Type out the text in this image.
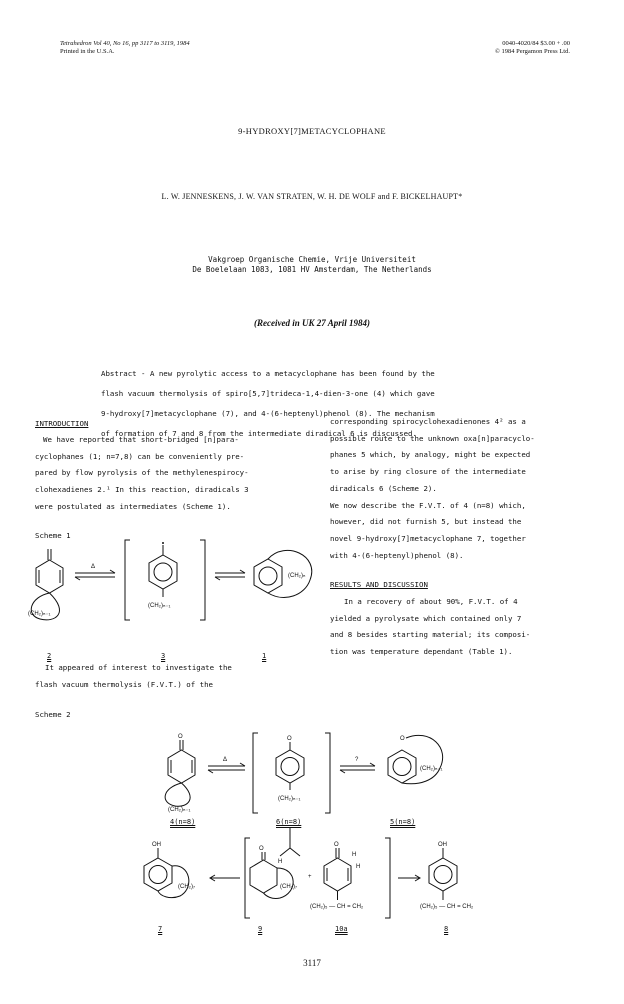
Tetrahedron Vol 40, No 16, pp 3117 to 3119, 1984
Printed in the U.S.A.
0040-4020/84 $3.00 + .00
© 1984 Pergamon Press Ltd.
9-HYDROXY[7]METACYCLOPHANE
L. W. JENNESKENS, J. W. VAN STRATEN, W. H. DE WOLF and F. BICKELHAUPT*
Vakgroep Organische Chemie, Vrije Universiteit
De Boelelaan 1083, 1081 HV Amsterdam, The Netherlands
(Received in UK 27 April 1984)

Abstract - A new pyrolytic access to a metacyclophane has been found by the

flash vacuum thermolysis of spiro[5,7]trideca-1,4-dien-3-one (4) which gave

9-hydroxy[7]metacyclophane (7), and 4-(6-heptenyl)phenol (8). The mechanism

of formation of 7 and 8 from the intermediate diradical 6 is discussed.

INTRODUCTION
We have reported that short-bridged [n]para-
cyclophanes (1; n=7,8) can be conveniently pre-
pared by flow pyrolysis of the methylenespirocy-
clohexadienes 2.¹ In this reaction, diradicals 3
were postulated as intermediates (Scheme 1).
Scheme 1
(CH₂)ₙ₋₁
Δ
(CH₂)ₙ₋₁
(CH₂)ₙ
2	3	1
It appeared of interest to investigate the
flash vacuum thermolysis (F.V.T.) of the
corresponding spirocyclohexadienones 4² as a
possible route to the unknown oxa[n]paracyclo-
phanes 5 which, by analogy, might be expected
to arise by ring closure of the intermediate
diradicals 6 (Scheme 2).
We now describe the F.V.T. of 4 (n=8) which,
however, did not furnish 5, but instead the
novel 9-hydroxy[7]metacyclophane 7, together
with 4-(6-heptenyl)phenol (8).
RESULTS AND DISCUSSION
In a recovery of about 90%, F.V.T. of 4
yielded a pyrolysate which contained only 7
and 8 besides starting material; its composi-
tion was temperature dependant (Table 1).
Scheme 2
O
(CH₂)ₙ₋₁
Δ
O
(CH₂)ₙ₋₁
?
O
(CH₂)ₙ₋₁
OH
(CH₂)₇
O
H
(CH₂)₇
+
O
H
H
(CH₂)₅ — CH = CH₂
OH
(CH₂)₅ — CH = CH₂
4(n=8)	6(n=8)	5(n=8)
7	9	10a	8
3117
